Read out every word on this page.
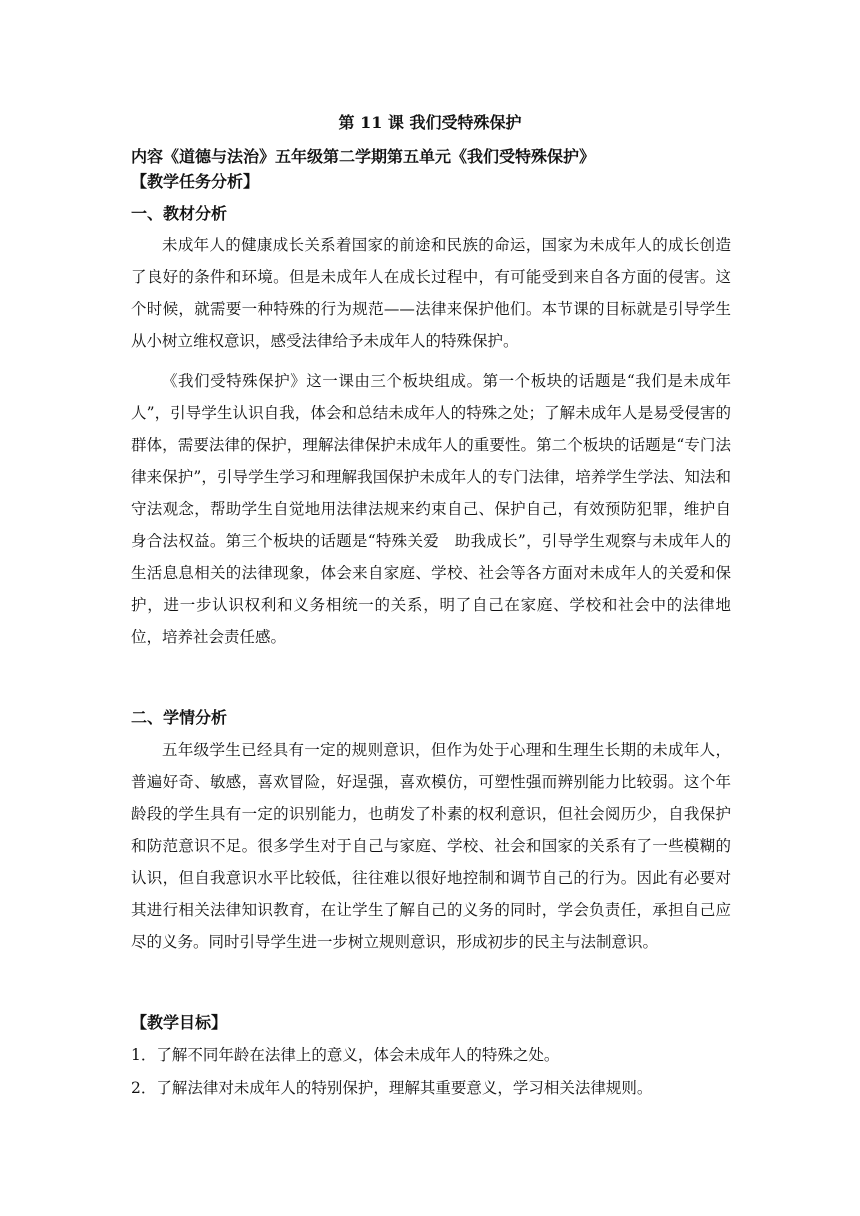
第 11 课 我们受特殊保护
内容《道德与法治》五年级第二学期第五单元《我们受特殊保护》
【教学任务分析】
一、教材分析
未成年人的健康成长关系着国家的前途和民族的命运，国家为未成年人的成长创造了良好的条件和环境。但是未成年人在成长过程中，有可能受到来自各方面的侵害。这个时候，就需要一种特殊的行为规范——法律来保护他们。本节课的目标就是引导学生从小树立维权意识，感受法律给予未成年人的特殊保护。
《我们受特殊保护》这一课由三个板块组成。第一个板块的话题是“我们是未成年人”，引导学生认识自我，体会和总结未成年人的特殊之处；了解未成年人是易受侵害的群体，需要法律的保护，理解法律保护未成年人的重要性。第二个板块的话题是“专门法律来保护”，引导学生学习和理解我国保护未成年人的专门法律，培养学生学法、知法和守法观念，帮助学生自觉地用法律法规来约束自己、保护自己，有效预防犯罪，维护自身合法权益。第三个板块的话题是“特殊关爱　助我成长”，引导学生观察与未成年人的生活息息相关的法律现象，体会来自家庭、学校、社会等各方面对未成年人的关爱和保护，进一步认识权利和义务相统一的关系，明了自己在家庭、学校和社会中的法律地位，培养社会责任感。
二、学情分析
五年级学生已经具有一定的规则意识，但作为处于心理和生理生长期的未成年人，普遍好奇、敏感，喜欢冒险，好逞强，喜欢模仿，可塑性强而辨别能力比较弱。这个年龄段的学生具有一定的识别能力，也萌发了朴素的权利意识，但社会阅历少，自我保护和防范意识不足。很多学生对于自己与家庭、学校、社会和国家的关系有了一些模糊的认识，但自我意识水平比较低，往往难以很好地控制和调节自己的行为。因此有必要对其进行相关法律知识教育，在让学生了解自己的义务的同时，学会负责任，承担自己应尽的义务。同时引导学生进一步树立规则意识，形成初步的民主与法制意识。
【教学目标】
1．了解不同年龄在法律上的意义，体会未成年人的特殊之处。
2．了解法律对未成年人的特别保护，理解其重要意义，学习相关法律规则。
